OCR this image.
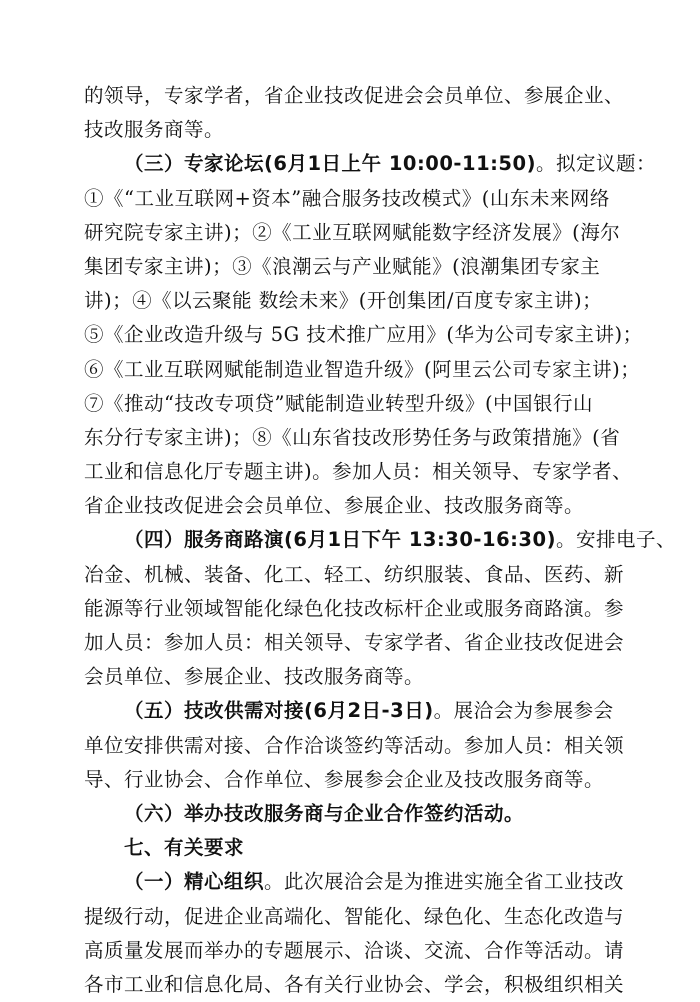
的领导，专家学者，省企业技改促进会会员单位、参展企业、
技改服务商等。
（三）专家论坛(6月1日上午 10:00-11:50)。拟定议题：
①《“工业互联网+资本”融合服务技改模式》(山东未来网络
研究院专家主讲)；②《工业互联网赋能数字经济发展》(海尔
集团专家主讲)；③《浪潮云与产业赋能》(浪潮集团专家主
讲)；④《以云聚能 数绘未来》(开创集团/百度专家主讲)；
⑤《企业改造升级与 5G 技术推广应用》(华为公司专家主讲)；
⑥《工业互联网赋能制造业智造升级》(阿里云公司专家主讲)；
⑦《推动“技改专项贷”赋能制造业转型升级》(中国银行山
东分行专家主讲)；⑧《山东省技改形势任务与政策措施》(省
工业和信息化厅专题主讲)。参加人员：相关领导、专家学者、
省企业技改促进会会员单位、参展企业、技改服务商等。
（四）服务商路演(6月1日下午 13:30-16:30)。安排电子、
冶金、机械、装备、化工、轻工、纺织服装、食品、医药、新
能源等行业领域智能化绿色化技改标杆企业或服务商路演。参
加人员：参加人员：相关领导、专家学者、省企业技改促进会
会员单位、参展企业、技改服务商等。
（五）技改供需对接(6月2日-3日)。展洽会为参展参会
单位安排供需对接、合作洽谈签约等活动。参加人员：相关领
导、行业协会、合作单位、参展参会企业及技改服务商等。
（六）举办技改服务商与企业合作签约活动。
七、有关要求
（一）精心组织。此次展洽会是为推进实施全省工业技改
提级行动，促进企业高端化、智能化、绿色化、生态化改造与
高质量发展而举办的专题展示、洽谈、交流、合作等活动。请
各市工业和信息化局、各有关行业协会、学会，积极组织相关
